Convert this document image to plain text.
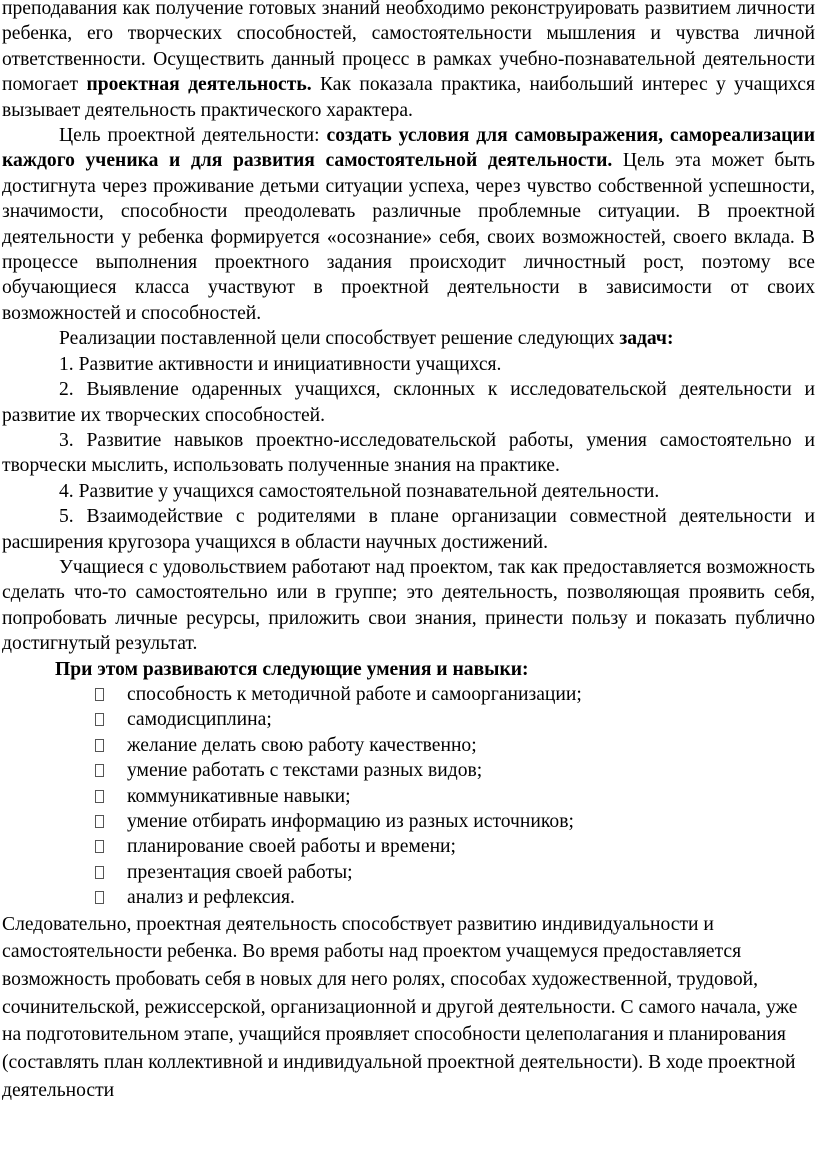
преподавания как получение готовых знаний необходимо реконструировать развитием личности ребенка, его творческих способностей, самостоятельности мышления и чувства личной ответственности. Осуществить данный процесс в рамках учебно-познавательной деятельности помогает проектная деятельность. Как показала практика, наибольший интерес у учащихся вызывает деятельность практического характера.

Цель проектной деятельности: создать условия для самовыражения, самореализации каждого ученика и для развития самостоятельной деятельности. Цель эта может быть достигнута через проживание детьми ситуации успеха, через чувство собственной успешности, значимости, способности преодолевать различные проблемные ситуации. В проектной деятельности у ребенка формируется «осознание» себя, своих возможностей, своего вклада. В процессе выполнения проектного задания происходит личностный рост, поэтому все обучающиеся класса участвуют в проектной деятельности в зависимости от своих возможностей и способностей.

Реализации поставленной цели способствует решение следующих задач:

1. Развитие активности и инициативности учащихся.

2. Выявление одаренных учащихся, склонных к исследовательской деятельности и развитие их творческих способностей.

3. Развитие навыков проектно-исследовательской работы, умения самостоятельно и творчески мыслить, использовать полученные знания на практике.

4. Развитие у учащихся самостоятельной познавательной деятельности.

5. Взаимодействие с родителями в плане организации совместной деятельности и расширения кругозора учащихся в области научных достижений.

Учащиеся с удовольствием работают над проектом, так как предоставляется возможность сделать что-то самостоятельно или в группе; это деятельность, позволяющая проявить себя, попробовать личные ресурсы, приложить свои знания, принести пользу и показать публично достигнутый результат.

При этом развиваются следующие умения и навыки:
способность к методичной работе и самоорганизации;
самодисциплина;
желание делать свою работу качественно;
умение работать с текстами разных видов;
коммуникативные навыки;
умение отбирать информацию из разных источников;
планирование своей работы и времени;
презентация своей работы;
анализ и рефлексия.

Следовательно, проектная деятельность способствует развитию индивидуальности и самостоятельности ребенка. Во время работы над проектом учащемуся предоставляется возможность пробовать себя в новых для него ролях, способах художественной, трудовой, сочинительской, режиссерской, организационной и другой деятельности. С самого начала, уже на подготовительном этапе, учащийся проявляет способности целеполагания и планирования (составлять план коллективной и индивидуальной проектной деятельности). В ходе проектной деятельности
